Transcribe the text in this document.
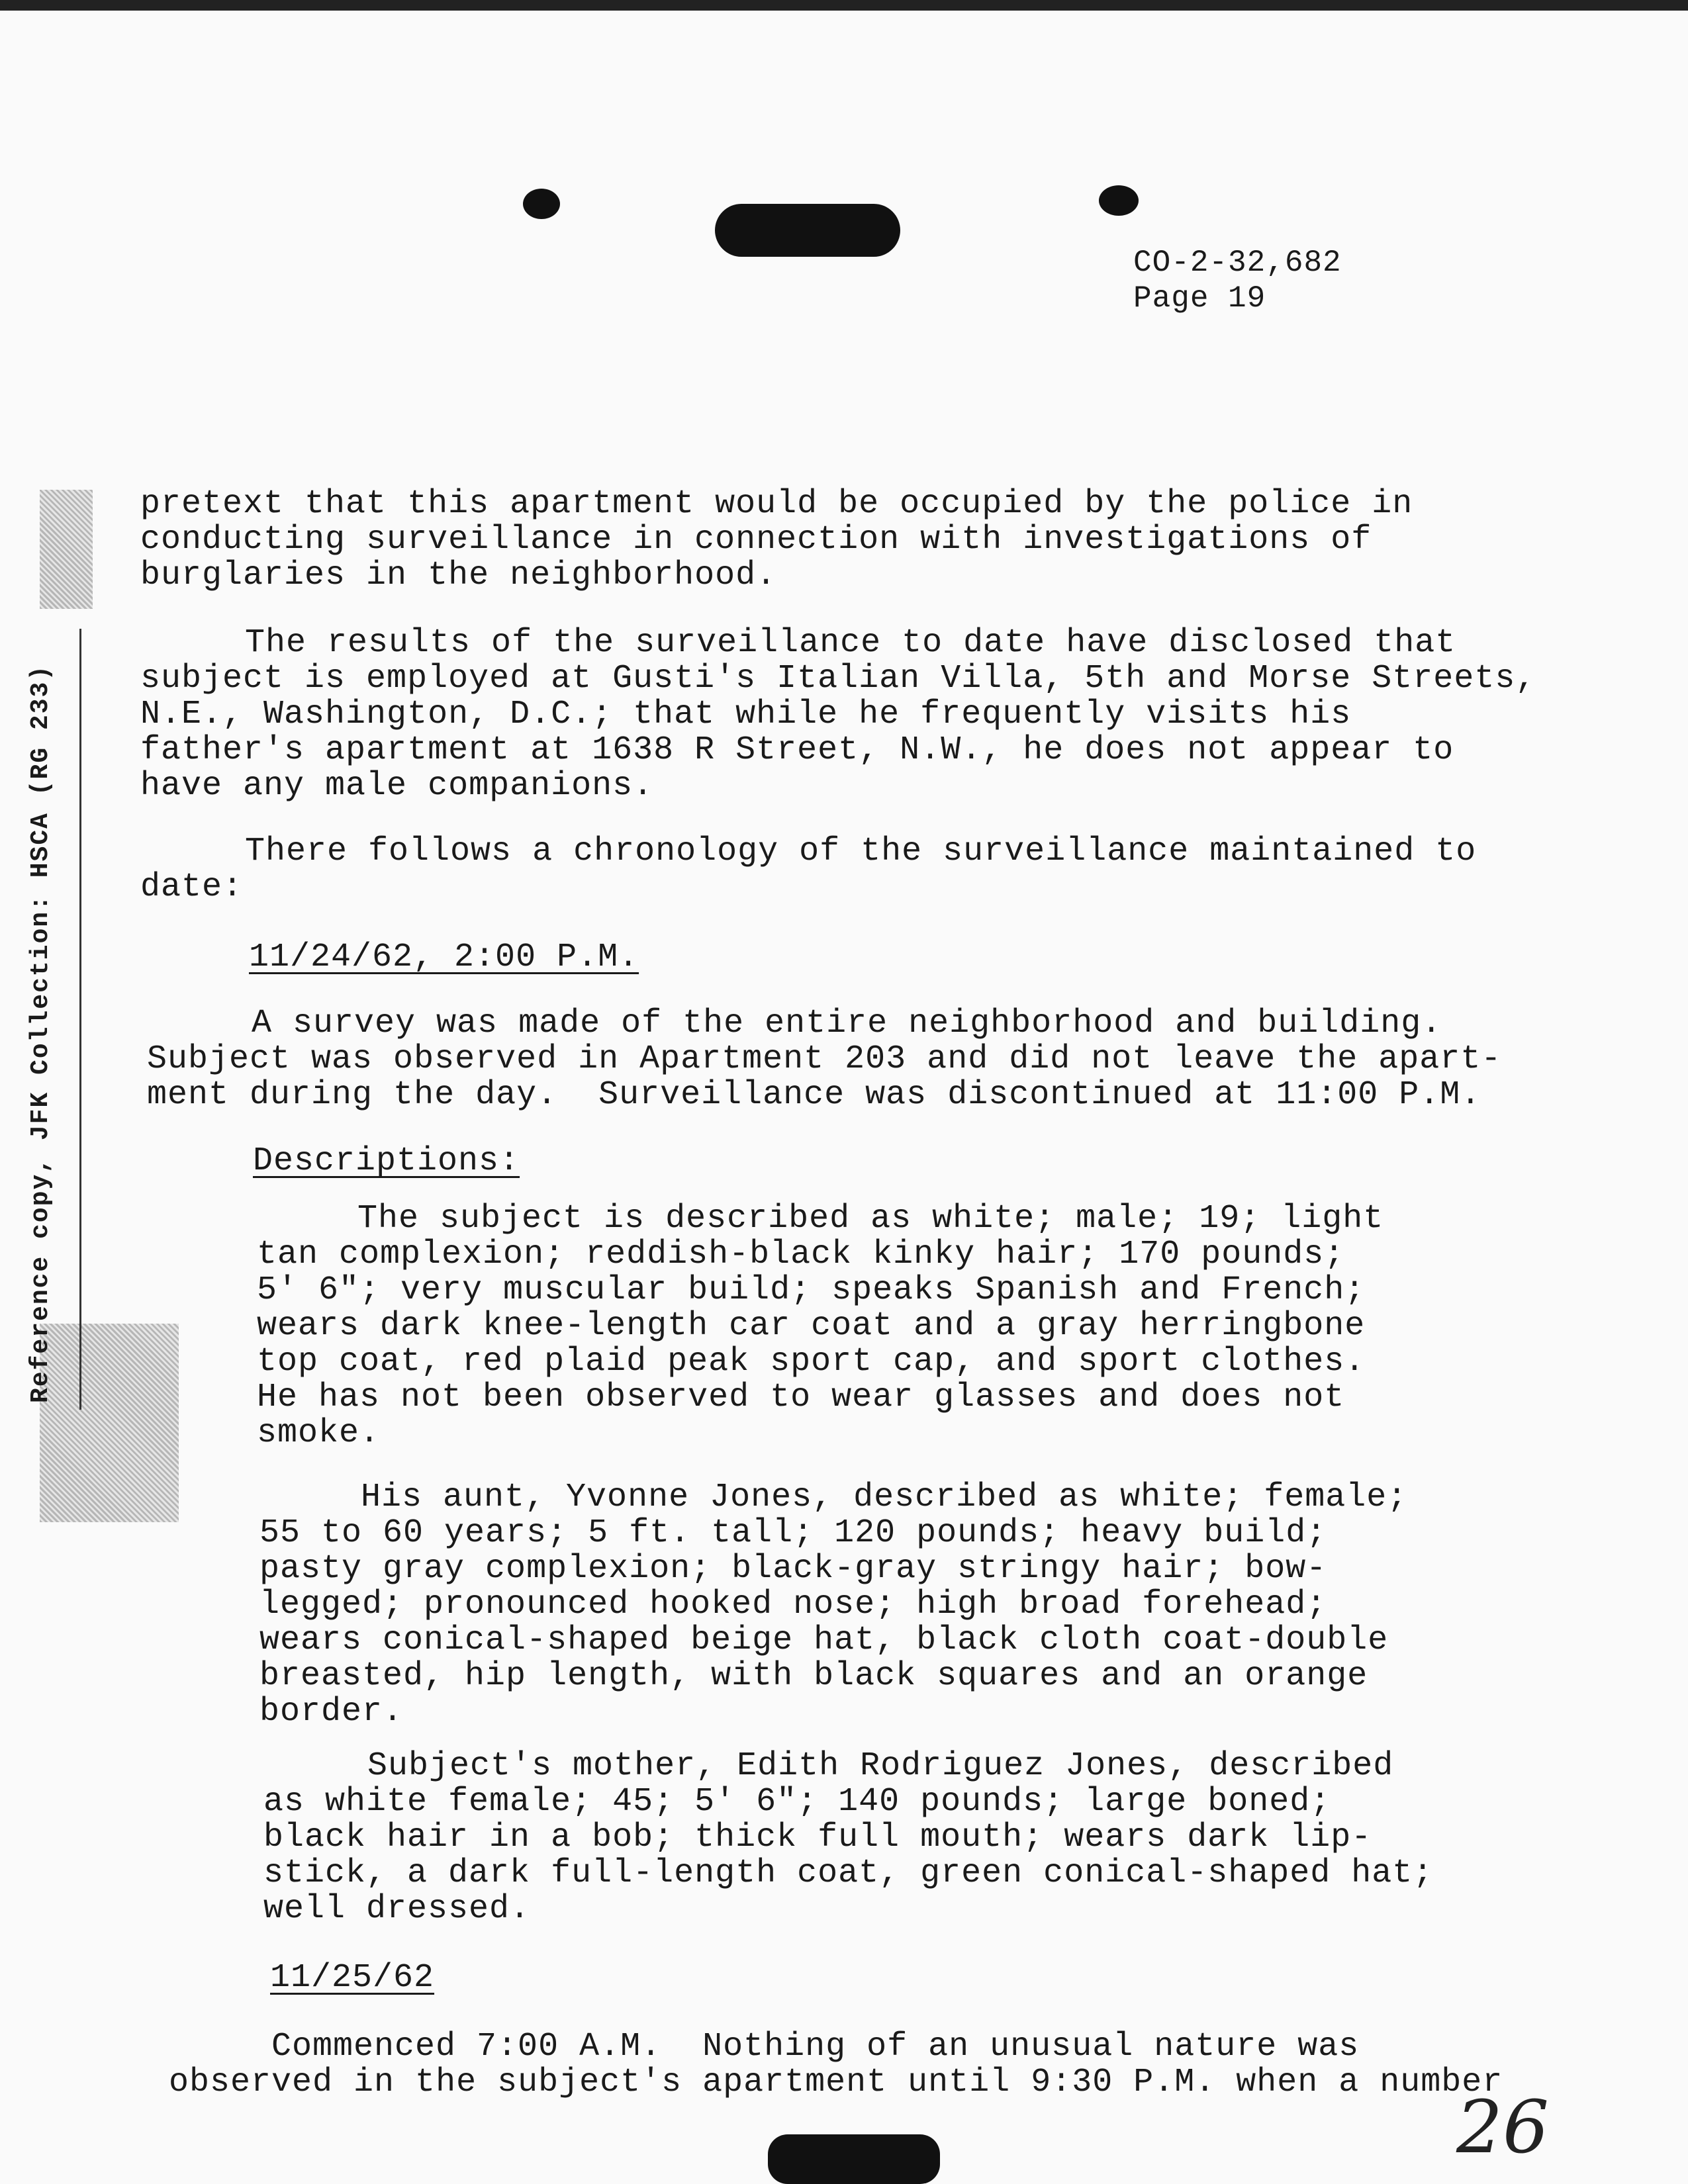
CO-2-32,682
Page 19
Reference copy, JFK Collection: HSCA (RG 233)
pretext that this apartment would be occupied by the police in
conducting surveillance in connection with investigations of
burglaries in the neighborhood.
The results of the surveillance to date have disclosed that
subject is employed at Gusti's Italian Villa, 5th and Morse Streets,
N.E., Washington, D.C.; that while he frequently visits his
father's apartment at 1638 R Street, N.W., he does not appear to
have any male companions.
There follows a chronology of the surveillance maintained to
date:
11/24/62, 2:00 P.M.
A survey was made of the entire neighborhood and building.
Subject was observed in Apartment 203 and did not leave the apart-
ment during the day.  Surveillance was discontinued at 11:00 P.M.
Descriptions:
The subject is described as white; male; 19; light
tan complexion; reddish-black kinky hair; 170 pounds;
5' 6"; very muscular build; speaks Spanish and French;
wears dark knee-length car coat and a gray herringbone
top coat, red plaid peak sport cap, and sport clothes.
He has not been observed to wear glasses and does not
smoke.
His aunt, Yvonne Jones, described as white; female;
55 to 60 years; 5 ft. tall; 120 pounds; heavy build;
pasty gray complexion; black-gray stringy hair; bow-
legged; pronounced hooked nose; high broad forehead;
wears conical-shaped beige hat, black cloth coat-double
breasted, hip length, with black squares and an orange
border.
Subject's mother, Edith Rodriguez Jones, described
as white female; 45; 5' 6"; 140 pounds; large boned;
black hair in a bob; thick full mouth; wears dark lip-
stick, a dark full-length coat, green conical-shaped hat;
well dressed.
11/25/62
Commenced 7:00 A.M.  Nothing of an unusual nature was
observed in the subject's apartment until 9:30 P.M. when a number
26
